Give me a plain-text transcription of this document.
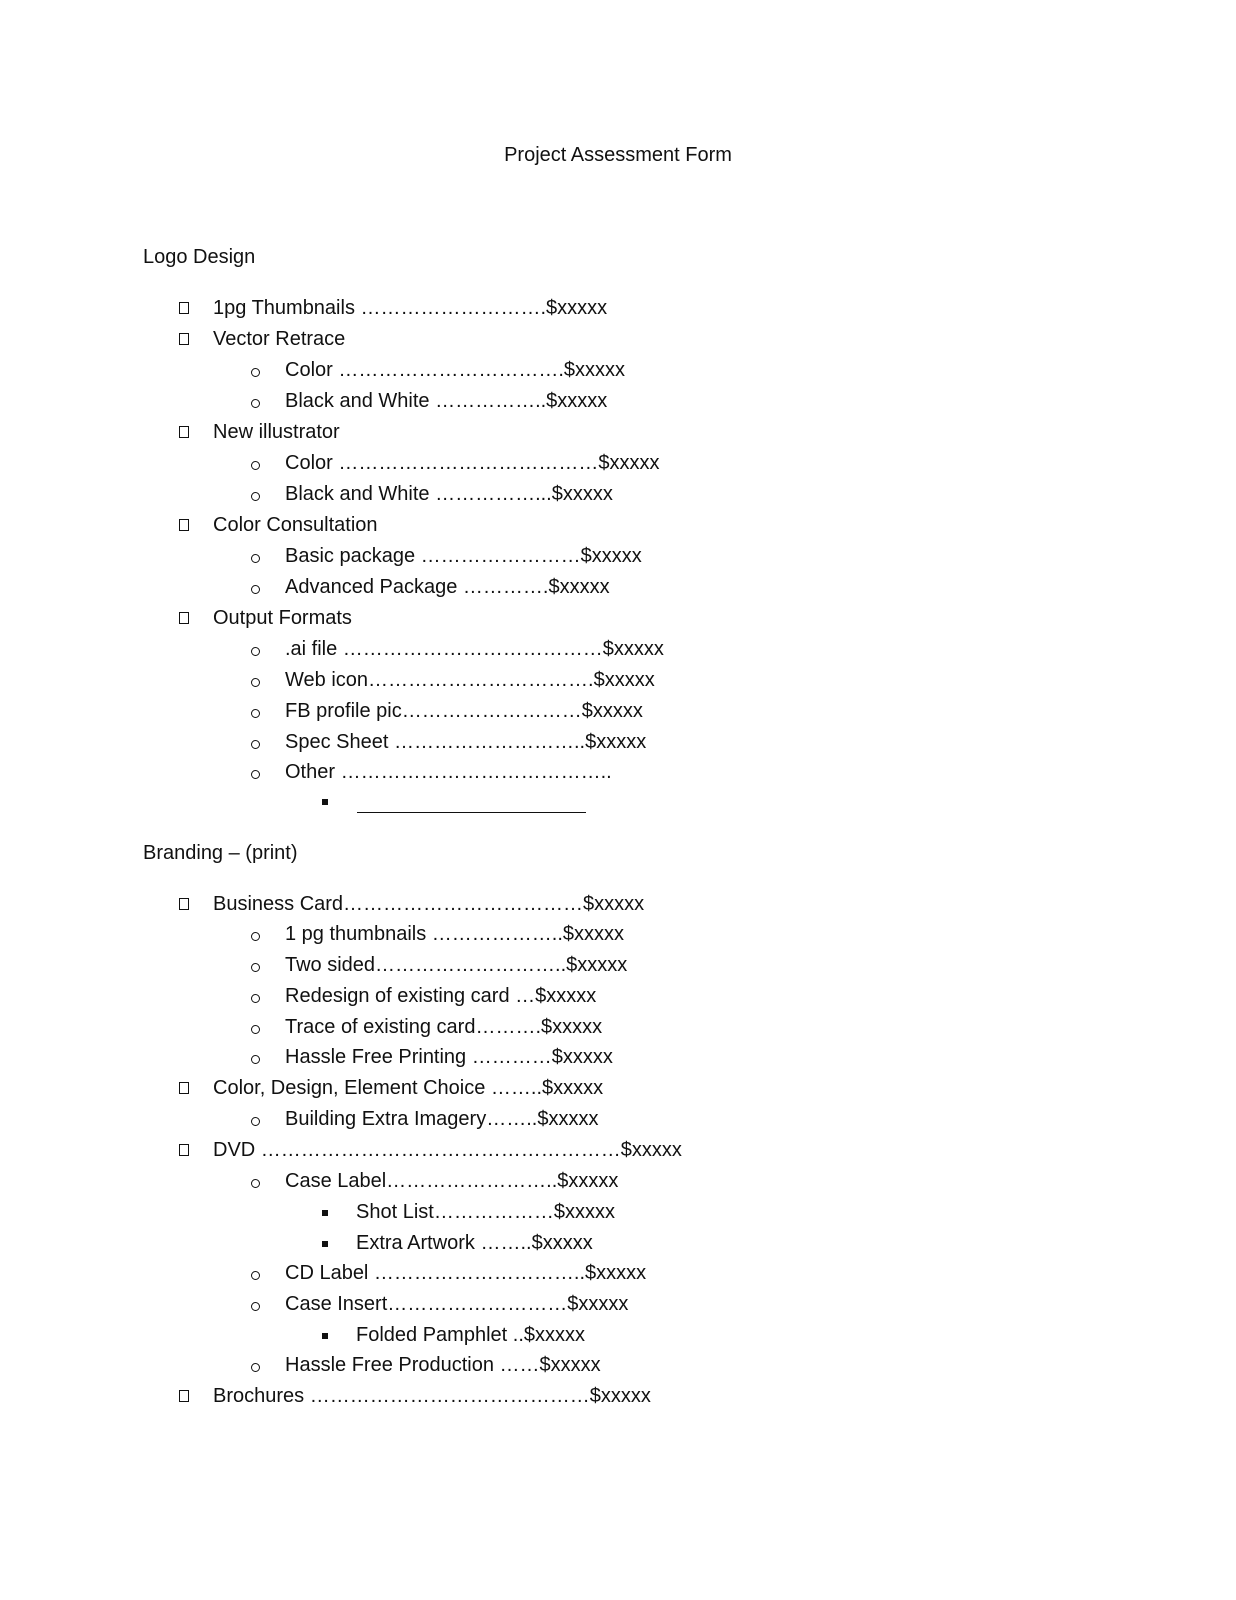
Project Assessment Form
Logo Design
1pg Thumbnails ……………………….$xxxxx
Vector Retrace
Color …………………………….$xxxxx
Black and White ……………..$xxxxx
New illustrator
Color …………………………………$xxxxx
Black and White ……………...$xxxxx
Color Consultation
Basic package ……………………$xxxxx
Advanced Package ………….$xxxxx
Output Formats
.ai file …………………………………$xxxxx
Web icon…………………………….$xxxxx
FB profile pic………………………$xxxxx
Spec Sheet ………………………..$xxxxx
Other …………………………………..
Branding – (print)
Business Card………………………………$xxxxx
1 pg thumbnails ………………..$xxxxx
Two sided………………………..$xxxxx
Redesign of existing card …$xxxxx
Trace of existing card……….$xxxxx
Hassle Free Printing …………$xxxxx
Color, Design, Element Choice ……..$xxxxx
Building Extra Imagery……..$xxxxx
DVD ………………………………………………$xxxxx
Case Label……………………..$xxxxx
Shot List………………$xxxxx
Extra Artwork ……..$xxxxx
CD Label …………………………..$xxxxx
Case Insert………………………$xxxxx
Folded Pamphlet ..$xxxxx
Hassle Free Production ……$xxxxx
Brochures ……………………………………$xxxxx
